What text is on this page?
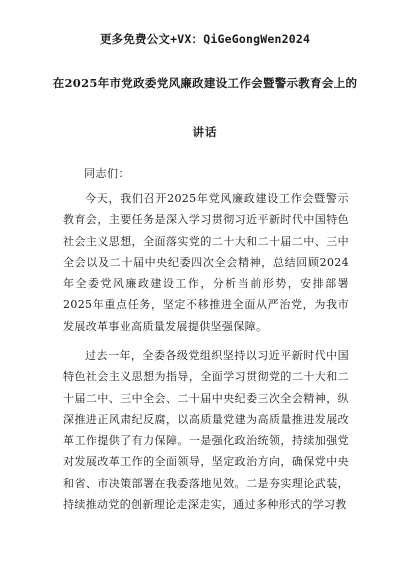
更多免费公文+VX：QiGeGongWen2024
在2025年市党政委党风廉政建设工作会暨警示教育会上的
讲话
同志们：

今天，我们召开2025年党风廉政建设工作会暨警示教育会，主要任务是深入学习贯彻习近平新时代中国特色社会主义思想，全面落实党的二十大和二十届二中、三中全会以及二十届中央纪委四次全会精神，总结回顾2024年全委党风廉政建设工作，分析当前形势，安排部署2025年重点任务，坚定不移推进全面从严治党，为我市发展改革事业高质量发展提供坚强保障。

过去一年，全委各级党组织坚持以习近平新时代中国特色社会主义思想为指导，全面学习贯彻党的二十大和二十届二中、三中全会、二十届中央纪委三次全会精神，纵深推进正风肃纪反腐，以高质量党建为高质量推进发展改革工作提供了有力保障。一是强化政治统领，持续加强党对发展改革工作的全面领导，坚定政治方向，确保党中央和省、市决策部署在我委落地见效。二是夯实理论武装，持续推动党的创新理论走深走实，通过多种形式的学习教
